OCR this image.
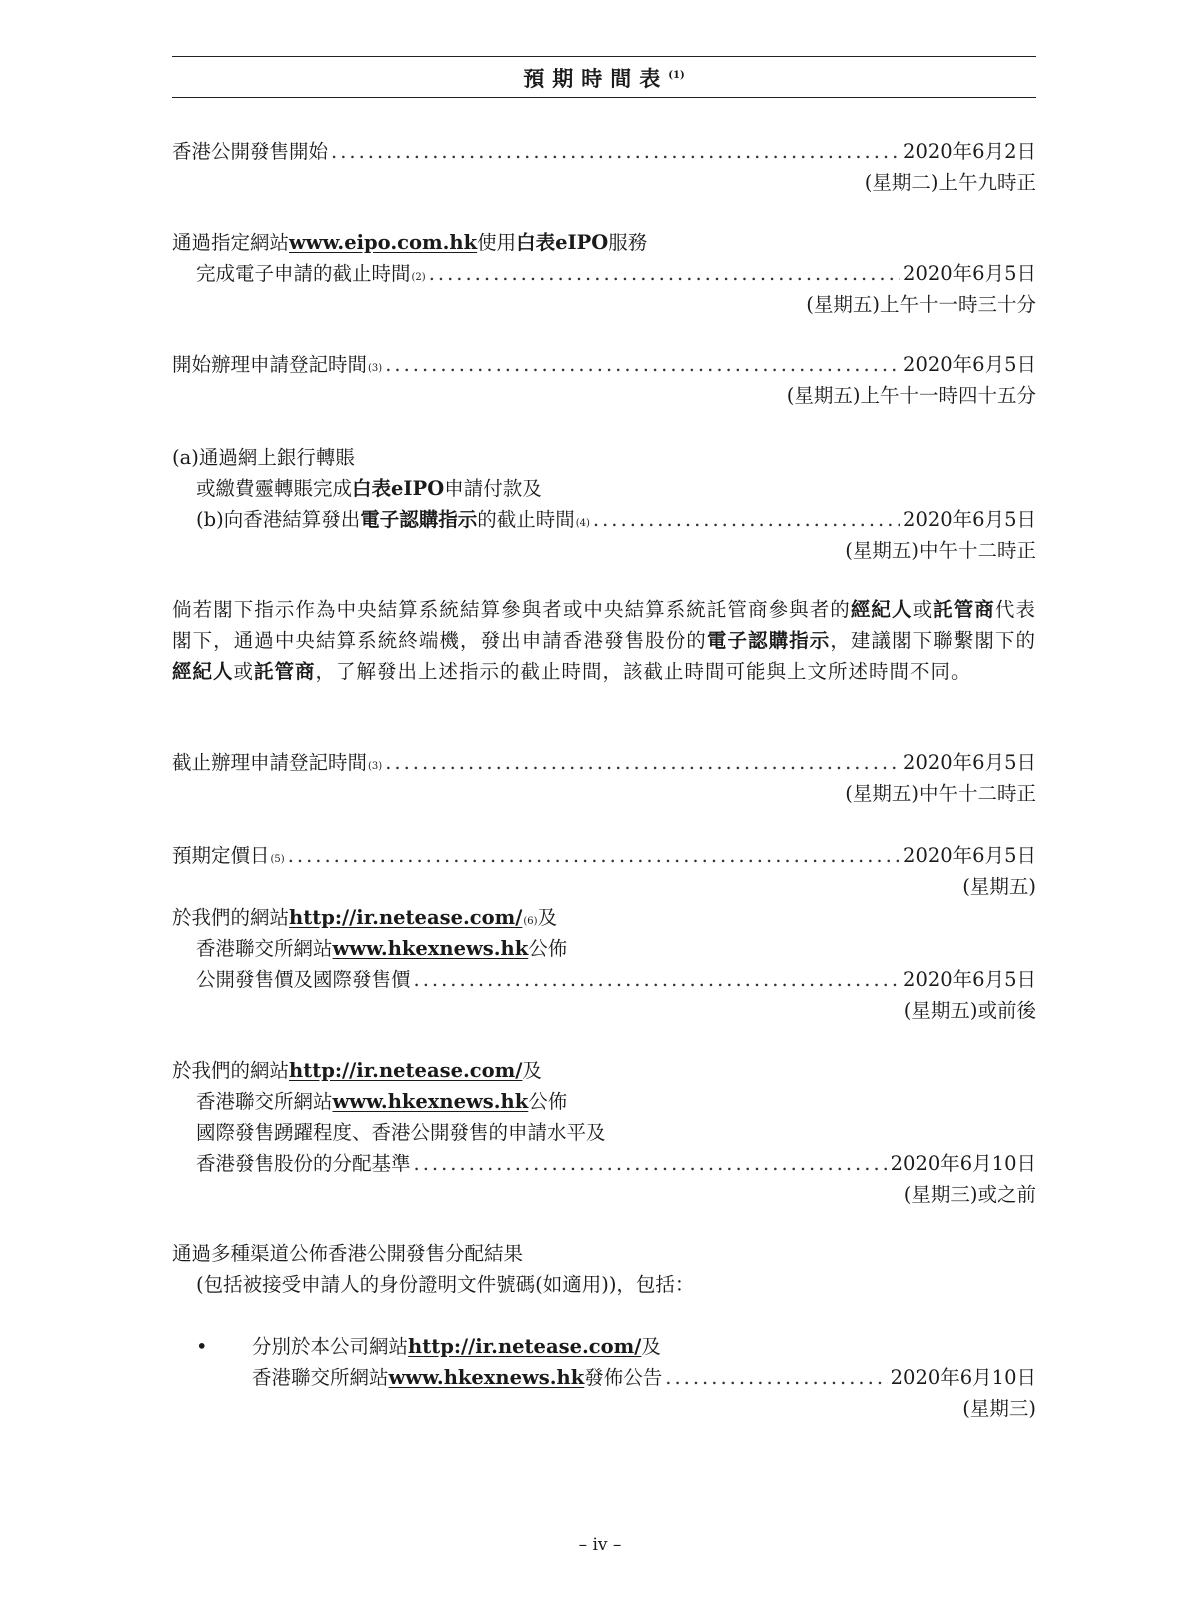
預期時間表$^{(1)}$
香港公開發售開始 .....	2020年6月2日
(星期二)上午九時正
通過指定網站 www.eipo.com.hk 使用 白表eIPO 服務
完成電子申請的截止時間$_{(2)}$ .....	2020年6月5日
(星期五)上午十一時三十分
開始辦理申請登記時間$_{(3)}$ .....	2020年6月5日
(星期五)上午十一時四十五分
(a)通過網上銀行轉賬
或繳費靈轉賬完成 白表eIPO 申請付款及
(b)向香港結算發出 電子認購指示 的截止時間$_{(4)}$ .....	2020年6月5日
(星期五)中午十二時正
倘若閣下指示作為中央結算系統結算參與者或中央結算系統託管商參與者的經紀人或託管商代表閣下，通過中央結算系統終端機，發出申請香港發售股份的電子認購指示，建議閣下聯繫閣下的經紀人或託管商，了解發出上述指示的截止時間，該截止時間可能與上文所述時間不同。
截止辦理申請登記時間$_{(3)}$ .....	2020年6月5日
(星期五)中午十二時正
預期定價日$_{(5)}$ .....	2020年6月5日
(星期五)
於我們的網站 $http://ir.netease.com/_{(6)}$ 及
香港聯交所網站 www.hkexnews.hk 公佈
公開發售價及國際發售價 .....	2020年6月5日
(星期五)或前後
於我們的網站 http://ir.netease.com/ 及
香港聯交所網站 www.hkexnews.hk 公佈
國際發售踴躍程度、香港公開發售的申請水平及
香港發售股份的分配基準 .....	2020年6月10日
(星期三)或之前
通過多種渠道公佈香港公開發售分配結果
(包括被接受申請人的身份證明文件號碼(如適用))，包括：
•	分別於本公司網站 http://ir.netease.com/ 及
香港聯交所網站 www.hkexnews.hk 發佈公告 .....	2020年6月10日
(星期三)
– iv –
